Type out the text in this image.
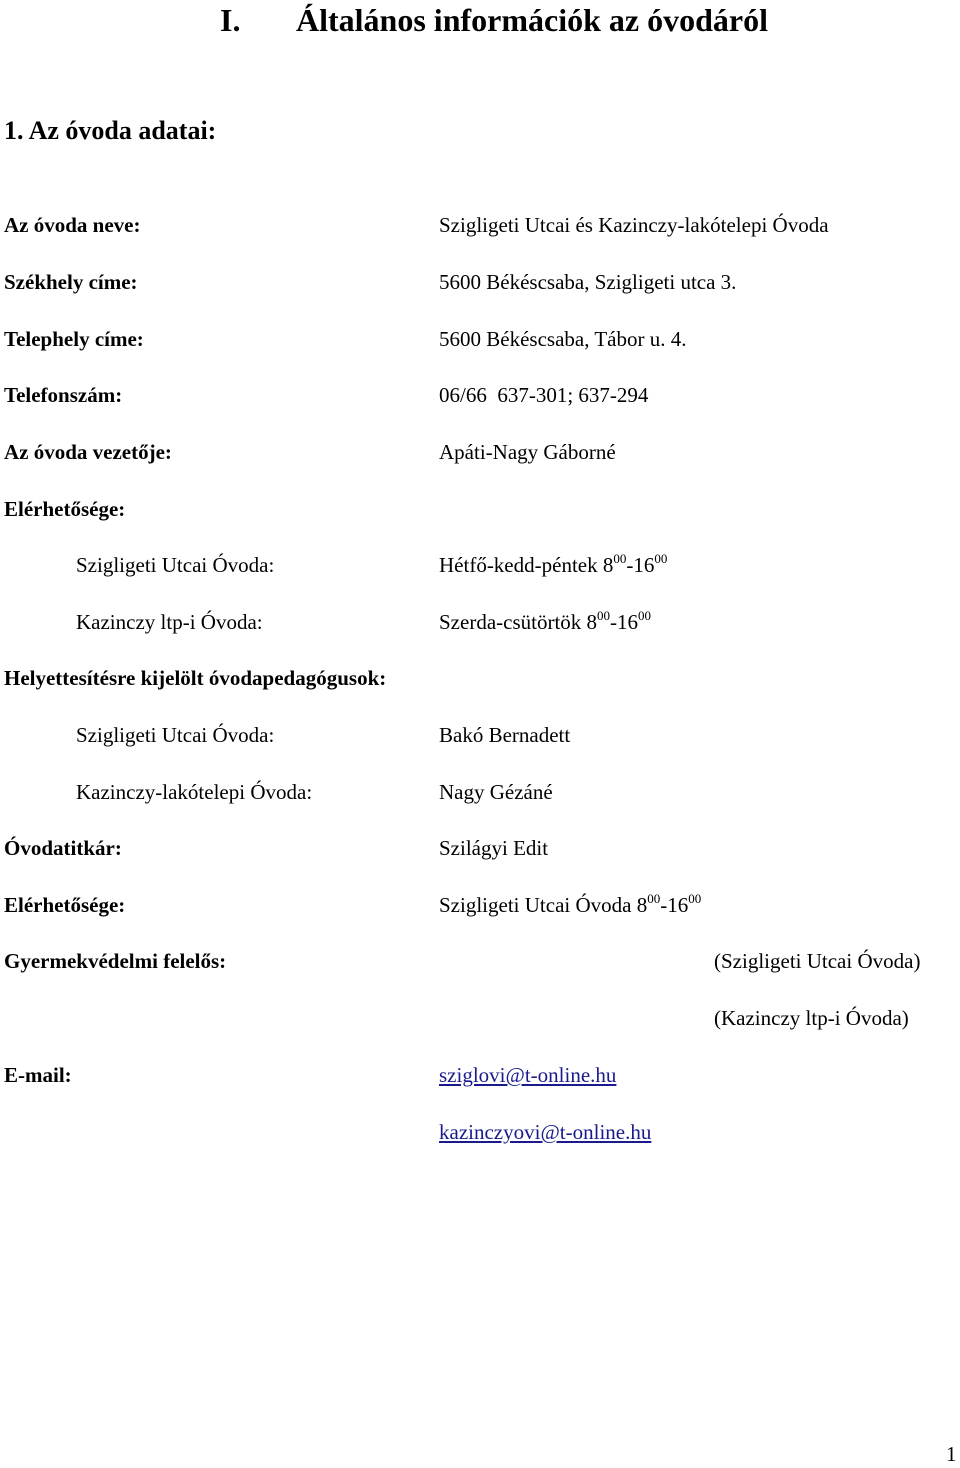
I. Általános információk az óvodáról
1. Az óvoda adatai:
Az óvoda neve:	Szigligeti Utcai és Kazinczy-lakótelepi Óvoda
Székhely címe:	5600 Békéscsaba, Szigligeti utca 3.
Telephely címe:	5600 Békéscsaba, Tábor u. 4.
Telefonszám:	06/66  637-301; 637-294
Az óvoda vezetője:	Apáti-Nagy Gáborné
Elérhetősége:
Szigligeti Utcai Óvoda:	Hétfő-kedd-péntek $8^{00}-16^{00}$
Kazinczy ltp-i Óvoda:	Szerda-csütörtök $8^{00}-16^{00}$
Helyettesítésre kijelölt óvodapedagógusok:
Szigligeti Utcai Óvoda:	Bakó Bernadett
Kazinczy-lakótelepi Óvoda:	Nagy Gézáné
Óvodatitkár:	Szilágyi Edit
Elérhetősége:	Szigligeti Utcai Óvoda $8^{00}-16^{00}$
Gyermekvédelmi felelős:	(Szigligeti Utcai Óvoda)
(Kazinczy ltp-i Óvoda)
E-mail:	sziglovi@t-online.hu
kazinczyovi@t-online.hu
1
